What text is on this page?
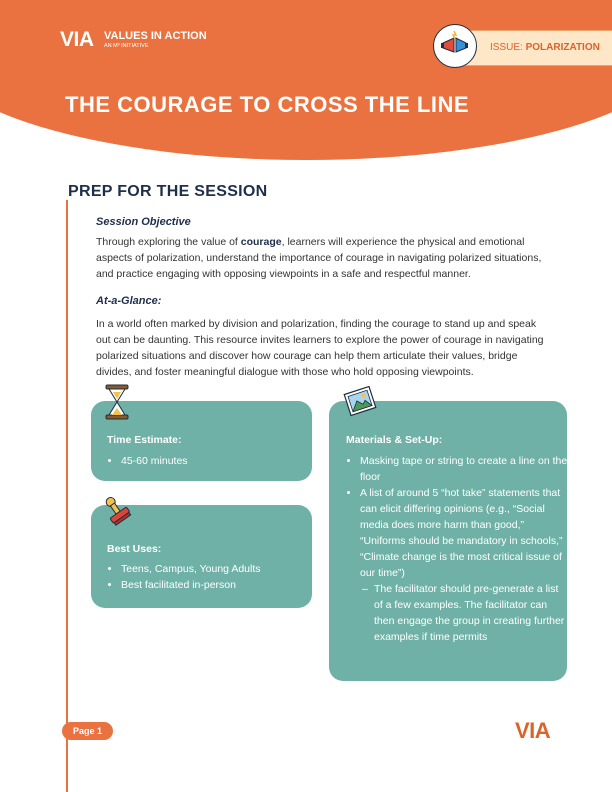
VIA VALUES IN ACTION
AN M³ INITIATIVE	ISSUE: POLARIZATION
THE COURAGE TO CROSS THE LINE
PREP FOR THE SESSION
Session Objective

Through exploring the value of courage, learners will experience the physical and emotional aspects of polarization, understand the importance of courage in navigating polarized situations, and practice engaging with opposing viewpoints in a safe and respectful manner.

At-a-Glance:

In a world often marked by division and polarization, finding the courage to stand up and speak out can be daunting. This resource invites learners to explore the power of courage in navigating polarized situations and discover how courage can help them articulate their values, bridge divides, and foster meaningful dialogue with those who hold opposing viewpoints.

Time Estimate:
• 45-60 minutes
Best Uses:
• Teens, Campus, Young Adults
• Best facilitated in-person
Materials & Set-Up:
• Masking tape or string to create a line on the floor
• A list of around 5 “hot take” statements that can elicit differing opinions (e.g., “Social media does more harm than good,” “Uniforms should be mandatory in schools,” “Climate change is the most critical issue of our time”)
– The facilitator should pre-generate a list of a few examples. The facilitator can then engage the group in creating further examples if time permits
Page 1	VIA
